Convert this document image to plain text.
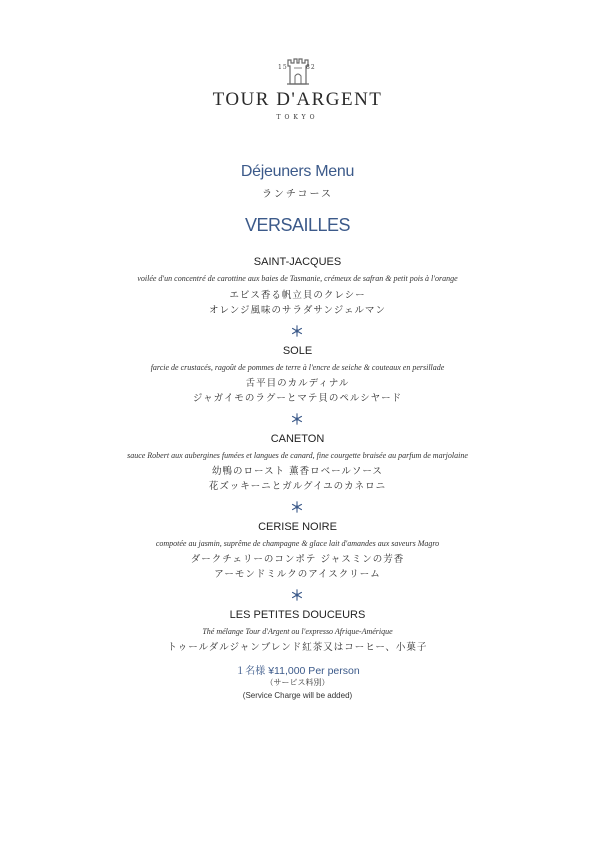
15	82
TOUR D'ARGENT
TOKYO
Déjeuners Menu
ランチコース
VERSAILLES
SAINT-JACQUES
voilée d'un concentré de carottine aux baies de Tasmanie, crémeux de safran & petit pois à l'orange
エビス香る帆立貝のクレシー
オレンジ風味のサラダサンジェルマン
SOLE
farcie de crustacés, ragoût de pommes de terre à l'encre de seiche & couteaux en persillade
舌平目のカルディナル
ジャガイモのラグーとマテ貝のペルシヤード
CANETON
sauce Robert aux aubergines fumées et langues de canard, fine courgette braisée au parfum de marjolaine
幼鴨のロースト 薫香ロベールソース
花ズッキーニとガルグイユのカネロニ
CERISE NOIRE
compotée au jasmin, suprême de champagne & glace lait d'amandes aux saveurs Magro
ダークチェリーのコンポテ ジャスミンの芳香
アーモンドミルクのアイスクリーム
LES PETITES DOUCEURS
Thé mélange Tour d'Argent ou l'expresso Afrique-Amérique
トゥールダルジャンブレンド紅茶又はコーヒー、小菓子
１名様 ¥11,000 Per person
（サービス料別）
(Service Charge will be added)
